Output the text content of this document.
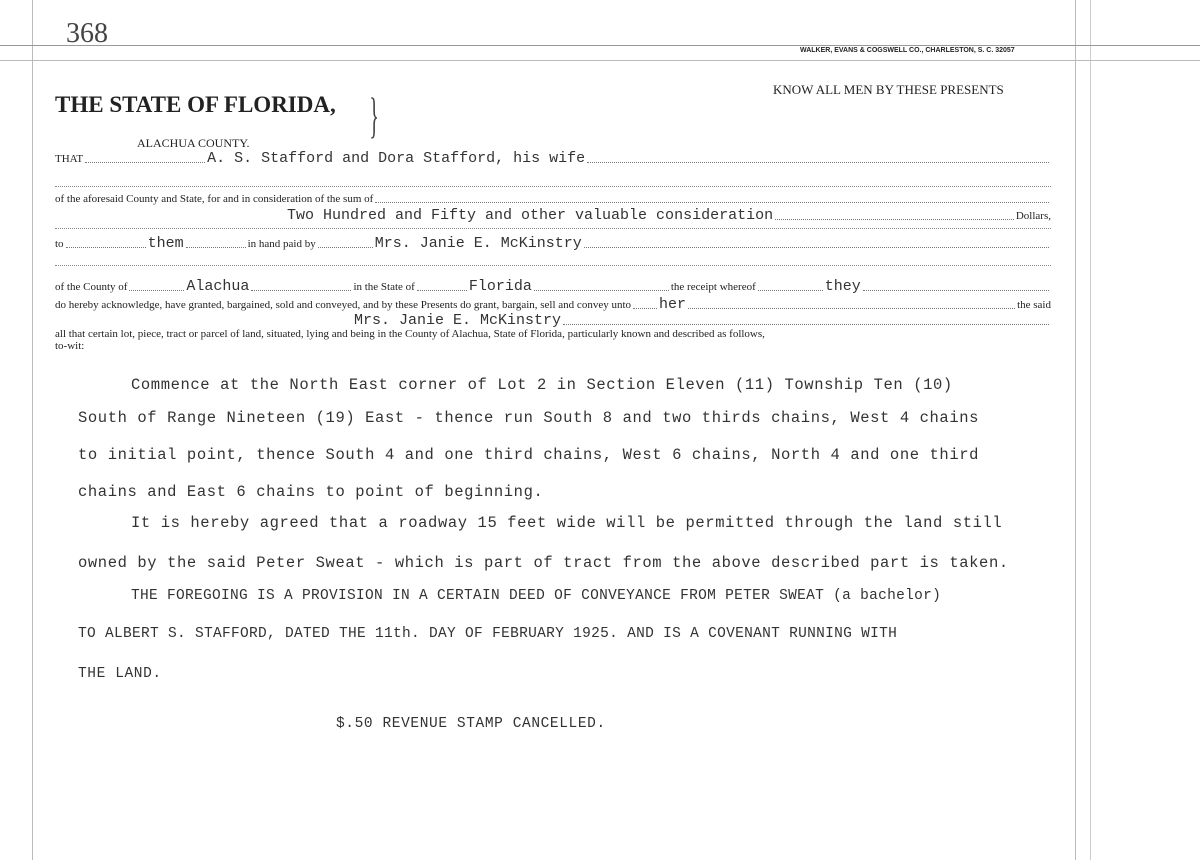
368
WALKER, EVANS & COGSWELL CO., CHARLESTON, S. C. 32057
KNOW ALL MEN BY THESE PRESENTS
THE STATE OF FLORIDA, }
ALACHUA COUNTY.
THAT	A. S. Stafford and Dora Stafford, his wife
of the aforesaid County and State, for and in consideration of the sum of
Two Hundred and Fifty and other valuable consideration	Dollars,
to	them	in hand paid by	Mrs. Janie E. McKinstry
of the County of	Alachua	in the State of	Florida	the receipt whereof	they
do hereby acknowledge, have granted, bargained, sold and conveyed, and by these Presents do grant, bargain, sell and convey unto her	the said
Mrs. Janie E. McKinstry
all that certain lot, piece, tract or parcel of land, situated, lying and being in the County of Alachua, State of Florida, particularly known and described as follows,
to-wit:
Commence at the North East corner of Lot 2 in Section Eleven (11) Township Ten (10)
South of Range Nineteen (19) East - thence run South 8 and two thirds chains, West 4 chains
to initial point, thence South 4 and one third chains, West 6 chains, North 4 and one third
chains and East 6 chains to point of beginning.
It is hereby agreed that a roadway 15 feet wide will be permitted through the land still
owned by the said Peter Sweat - which is part of tract from the above described part is taken.
THE FOREGOING IS A PROVISION IN A CERTAIN DEED OF CONVEYANCE FROM PETER SWEAT (a bachelor)
TO ALBERT S. STAFFORD, DATED THE 11th. DAY OF FEBRUARY 1925. AND IS A COVENANT RUNNING WITH
THE LAND.
$.50 REVENUE STAMP CANCELLED.
